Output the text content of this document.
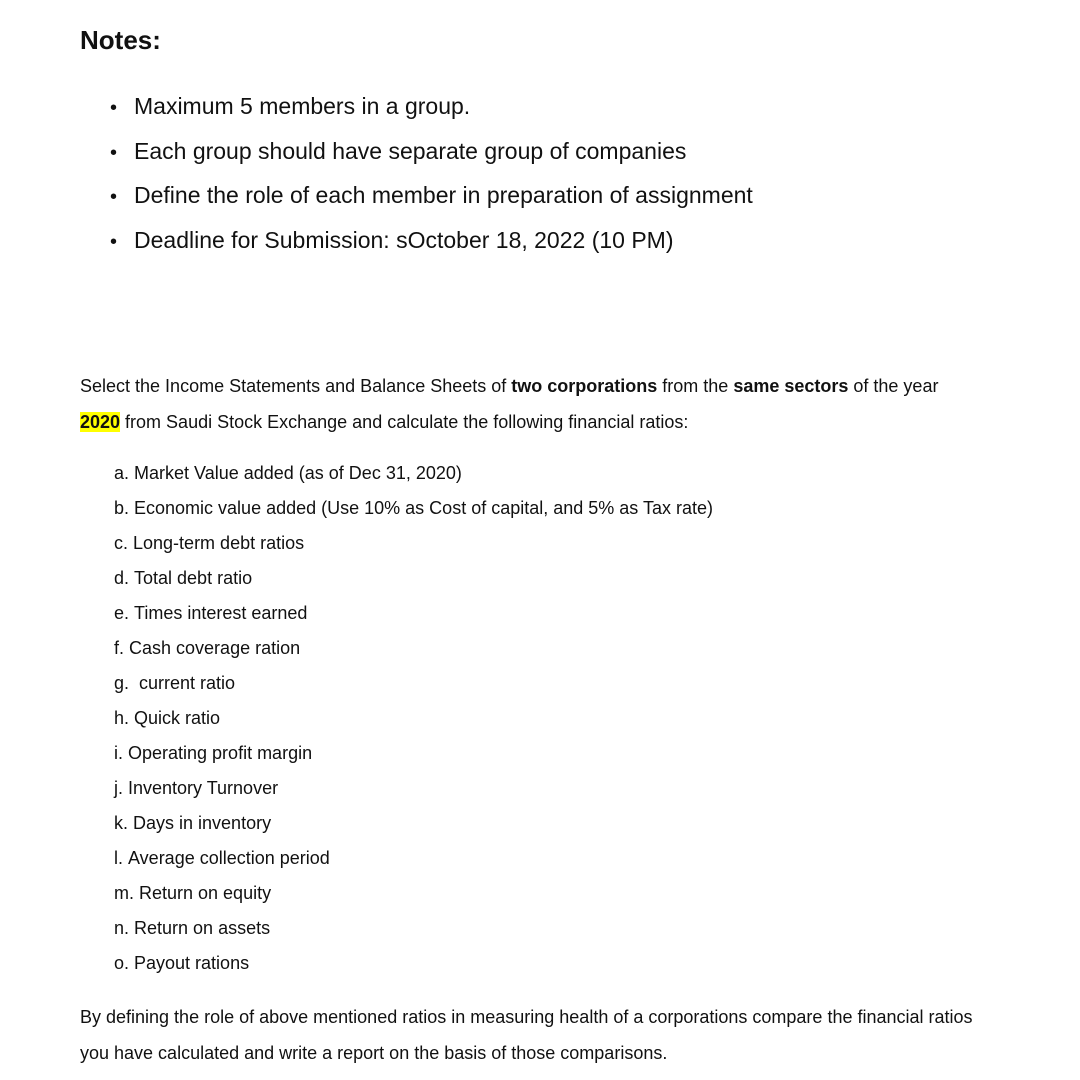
Notes:
• Maximum 5 members in a group.
• Each group should have separate group of companies
• Define the role of each member in preparation of assignment
• Deadline for Submission: sOctober 18, 2022 (10 PM)

Select the Income Statements and Balance Sheets of two corporations from the same sectors of the year
2020 from Saudi Stock Exchange and calculate the following financial ratios:

a. Market Value added (as of Dec 31, 2020)
b. Economic value added (Use 10% as Cost of capital, and 5% as Tax rate)
c. Long-term debt ratios
d. Total debt ratio
e. Times interest earned
f. Cash coverage ration
g. current ratio
h. Quick ratio
i. Operating profit margin
j. Inventory Turnover
k. Days in inventory
l. Average collection period
m. Return on equity
n. Return on assets
o. Payout rations

By defining the role of above mentioned ratios in measuring health of a corporations compare the financial ratios you have calculated and write a report on the basis of those comparisons.
